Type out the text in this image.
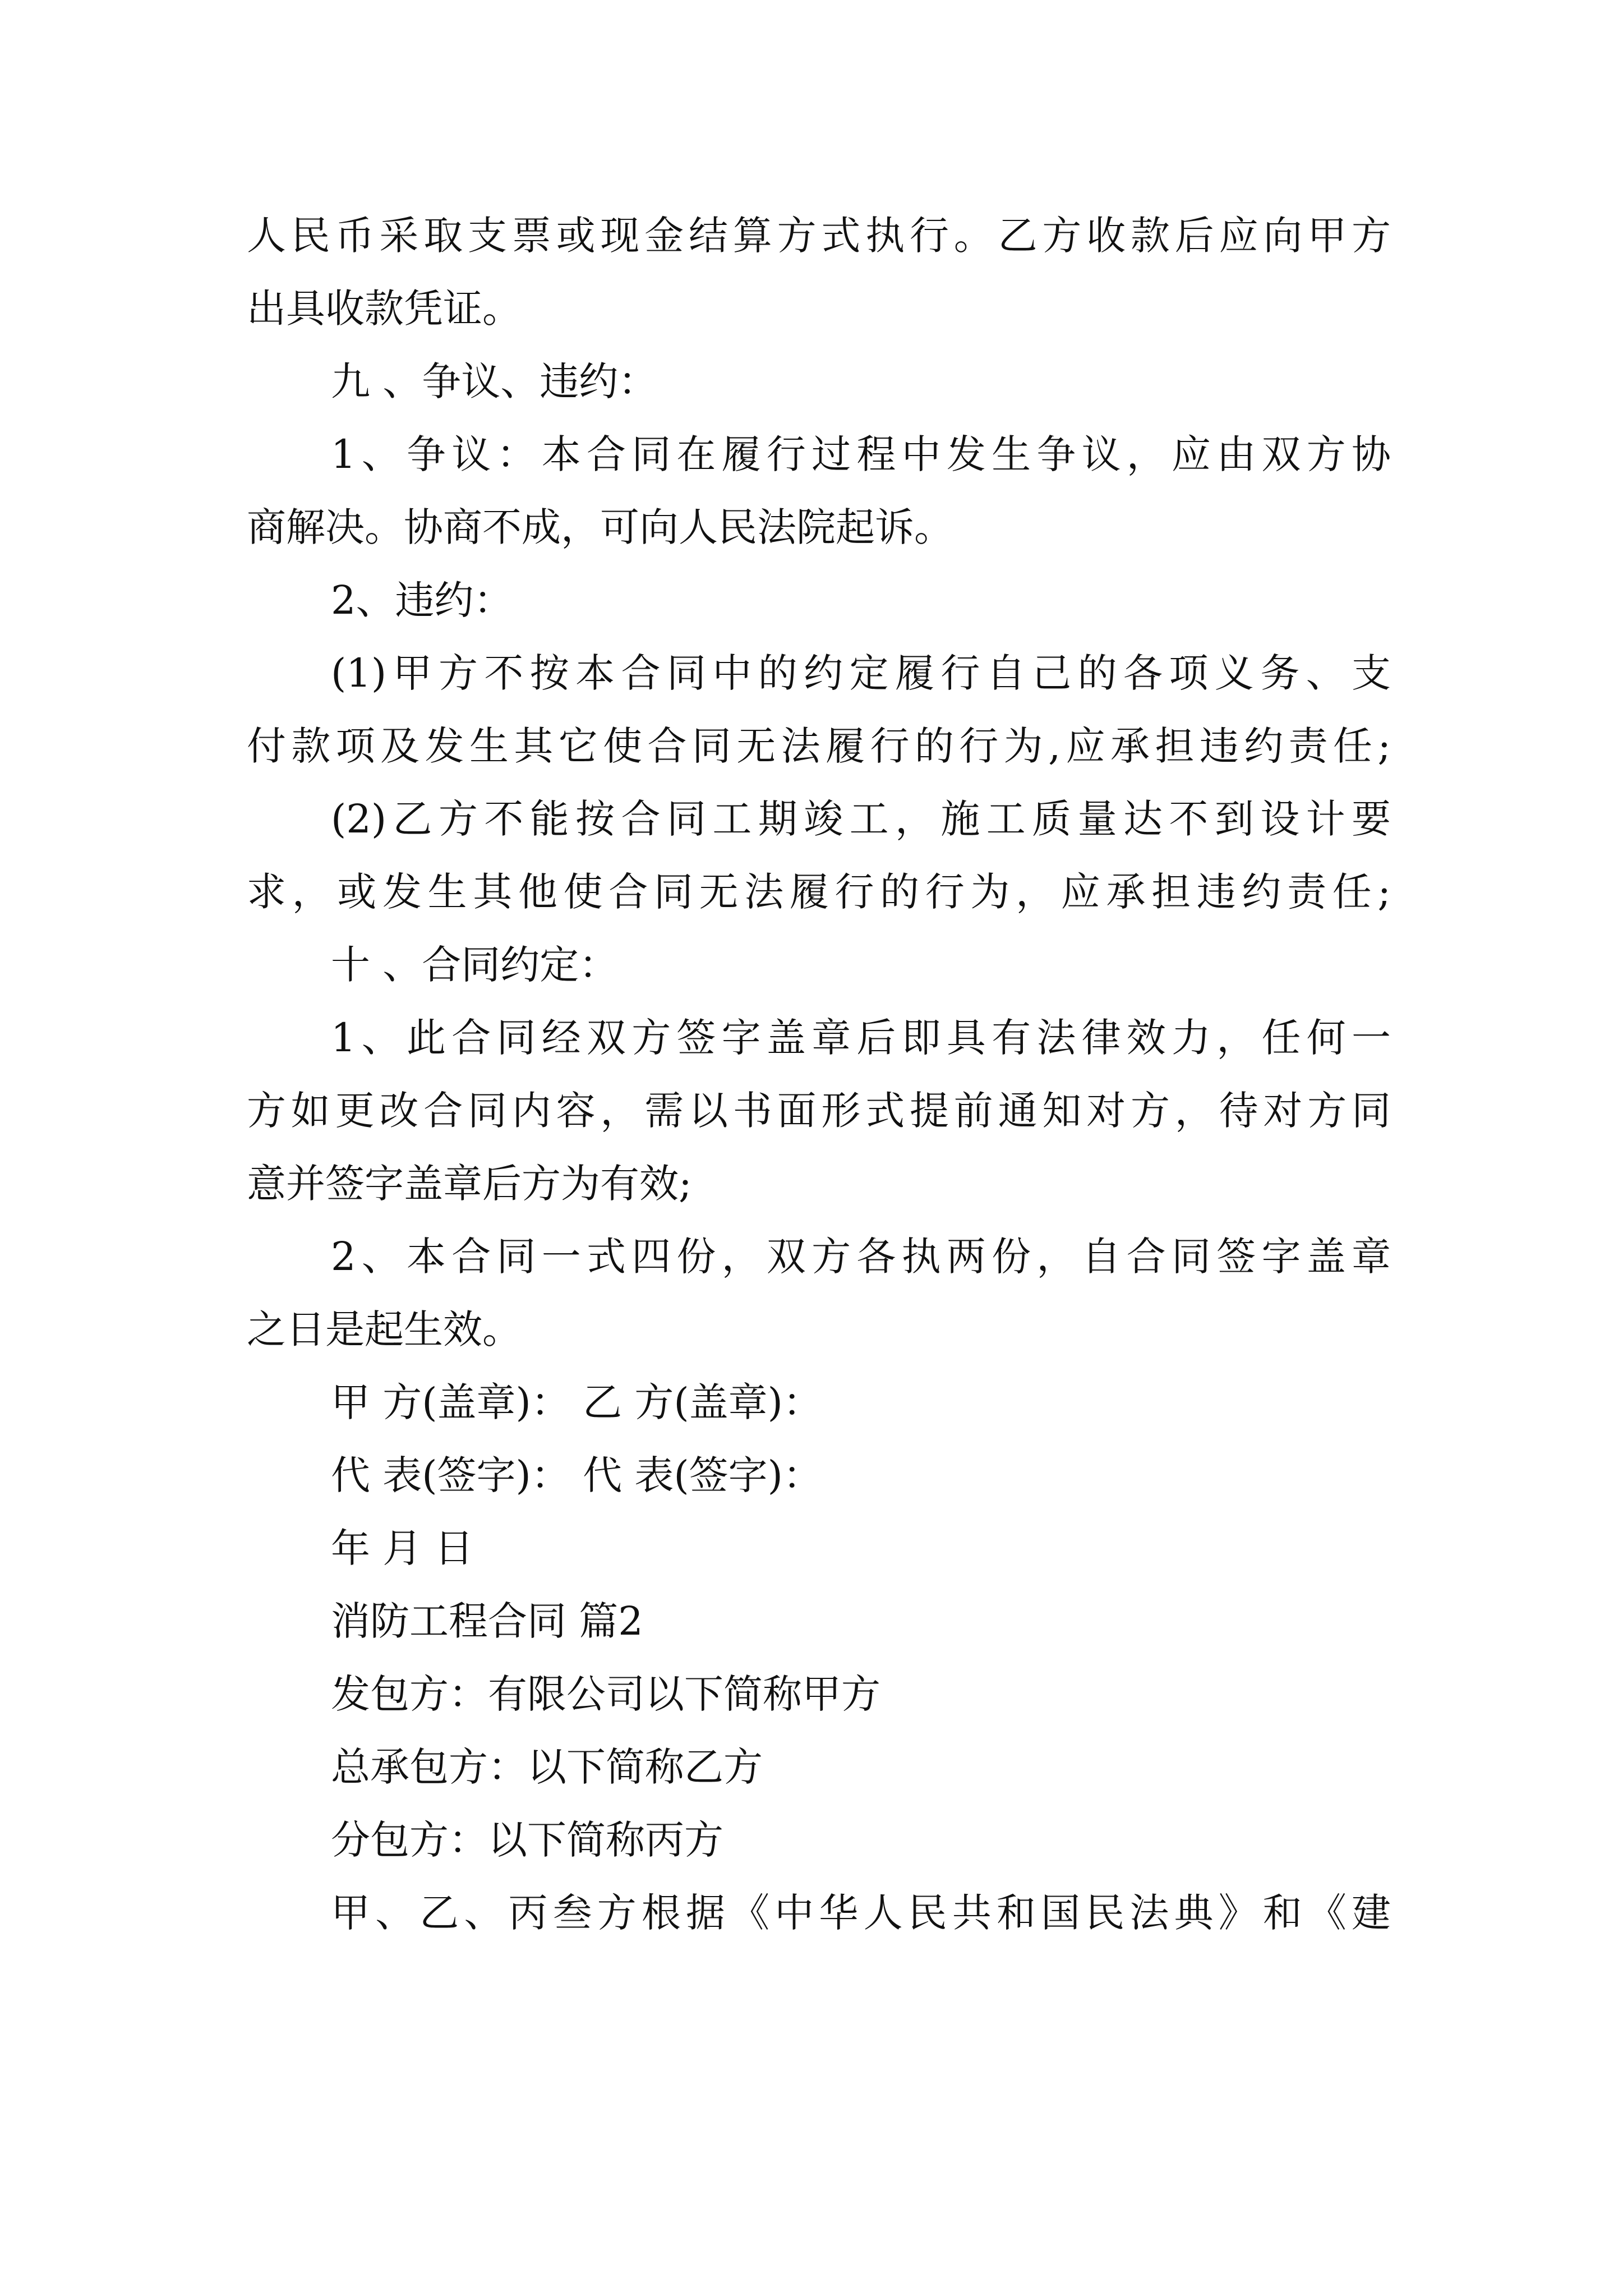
人民币采取支票或现金结算方式执行。乙方收款后应向甲方
出具收款凭证。
九 、争议、违约：
1、争议：本合同在履行过程中发生争议，应由双方协
商解决。协商不成，可向人民法院起诉。
2、违约：
(1)甲方不按本合同中的约定履行自己的各项义务、支
付款项及发生其它使合同无法履行的行为,应承担违约责任;
(2)乙方不能按合同工期竣工，施工质量达不到设计要
求，或发生其他使合同无法履行的行为，应承担违约责任;
十 、合同约定：
1、此合同经双方签字盖章后即具有法律效力，任何一
方如更改合同内容，需以书面形式提前通知对方，待对方同
意并签字盖章后方为有效;
2、本合同一式四份，双方各执两份，自合同签字盖章
之日是起生效。
甲 方(盖章)： 乙 方(盖章)：
代 表(签字)： 代 表(签字)：
年 月 日
消防工程合同 篇2
发包方：有限公司以下简称甲方
总承包方：以下简称乙方
分包方：以下简称丙方
甲、乙、丙叁方根据《中华人民共和国民法典》和《建
